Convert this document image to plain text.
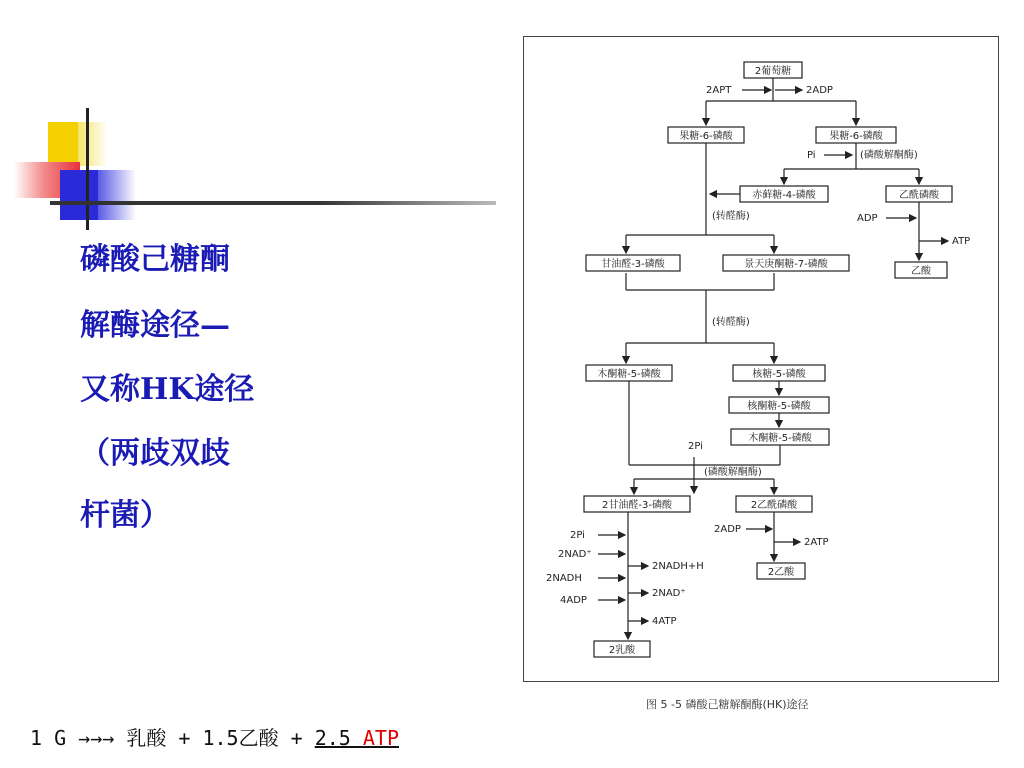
磷酸己糖酮
解酶途径—
又称HK途径
（两歧双歧
杆菌）
2葡萄糖
果糖-6-磷酸	果糖-6-磷酸
赤藓糖-4-磷酸	乙酰磷酸
乙酸
甘油醛-3-磷酸	景天庚酮糖-7-磷酸
木酮糖-5-磷酸	核糖-5-磷酸
核酮糖-5-磷酸
木酮糖-5-磷酸
2甘油醛-3-磷酸	2乙酰磷酸
2乙酸
2乳酸
2APT	2ADP
Pi	(磷酸解酮酶)
(转醛酶)	ADP
ATP
(转醛酶)
2Pi
(磷酸解酮酶)
2ADP
2ATP
2Pi
2NAD⁺
2NADH+H
2NADH
2NAD⁺
4ADP
4ATP
图 5 -5 磷酸己糖解酮酶(HK)途径
1 G →→→ 乳酸 + 1.5乙酸 + 2.5 ATP
